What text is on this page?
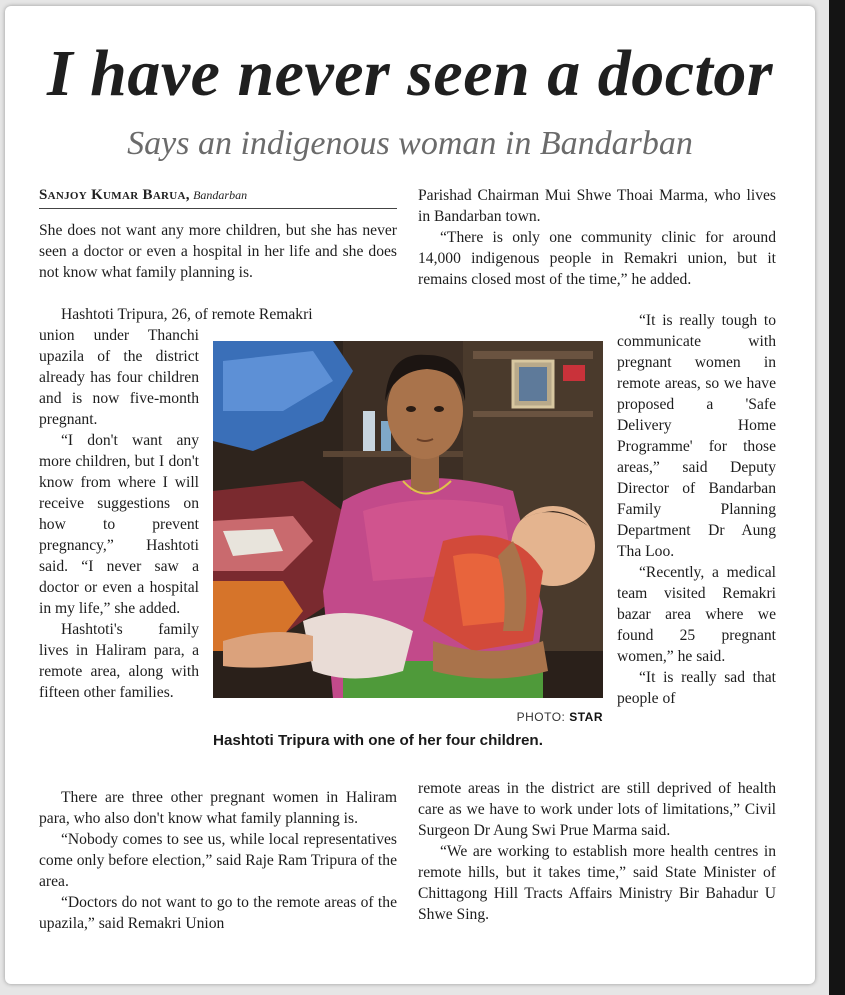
I have never seen a doctor
Says an indigenous woman in Bandarban
Sanjoy Kumar Barua, Bandarban

She does not want any more children, but she has never seen a doctor or even a hospital in her life and she does not know what family planning is.

Hashtoti Tripura, 26, of remote Remakri

union under Thanchi upazila of the district already has four children and is now five-month pregnant.

“I don't want any more children, but I don't know from where I will receive suggestions on how to prevent pregnancy,” Hashtoti said. “I never saw a doctor or even a hospital in my life,” she added.

Hashtoti's family lives in Haliram para, a remote area, along with fifteen other families.

There are three other pregnant women in Haliram para, who also don't know what family planning is.

“Nobody comes to see us, while local representatives come only before election,” said Raje Ram Tripura of the area.

“Doctors do not want to go to the remote areas of the upazila,” said Remakri Union

Parishad Chairman Mui Shwe Thoai Marma, who lives in Bandarban town.

“There is only one community clinic for around 14,000 indigenous people in Remakri union, but it remains closed most of the time,” he added.

“It is really tough to communicate with pregnant women in remote areas, so we have proposed a 'Safe Delivery Home Programme' for those areas,” said Deputy Director of Bandarban Family Planning Department Dr Aung Tha Loo.

“Recently, a medical team visited Remakri bazar area where we found 25 pregnant women,” he said.

“It is really sad that people of

remote areas in the district are still deprived of health care as we have to work under lots of limitations,” Civil Surgeon Dr Aung Swi Prue Marma said.

“We are working to establish more health centres in remote hills, but it takes time,” said State Minister of Chittagong Hill Tracts Affairs Ministry Bir Bahadur U Shwe Sing.

PHOTO: STAR
Hashtoti Tripura with one of her four children.
